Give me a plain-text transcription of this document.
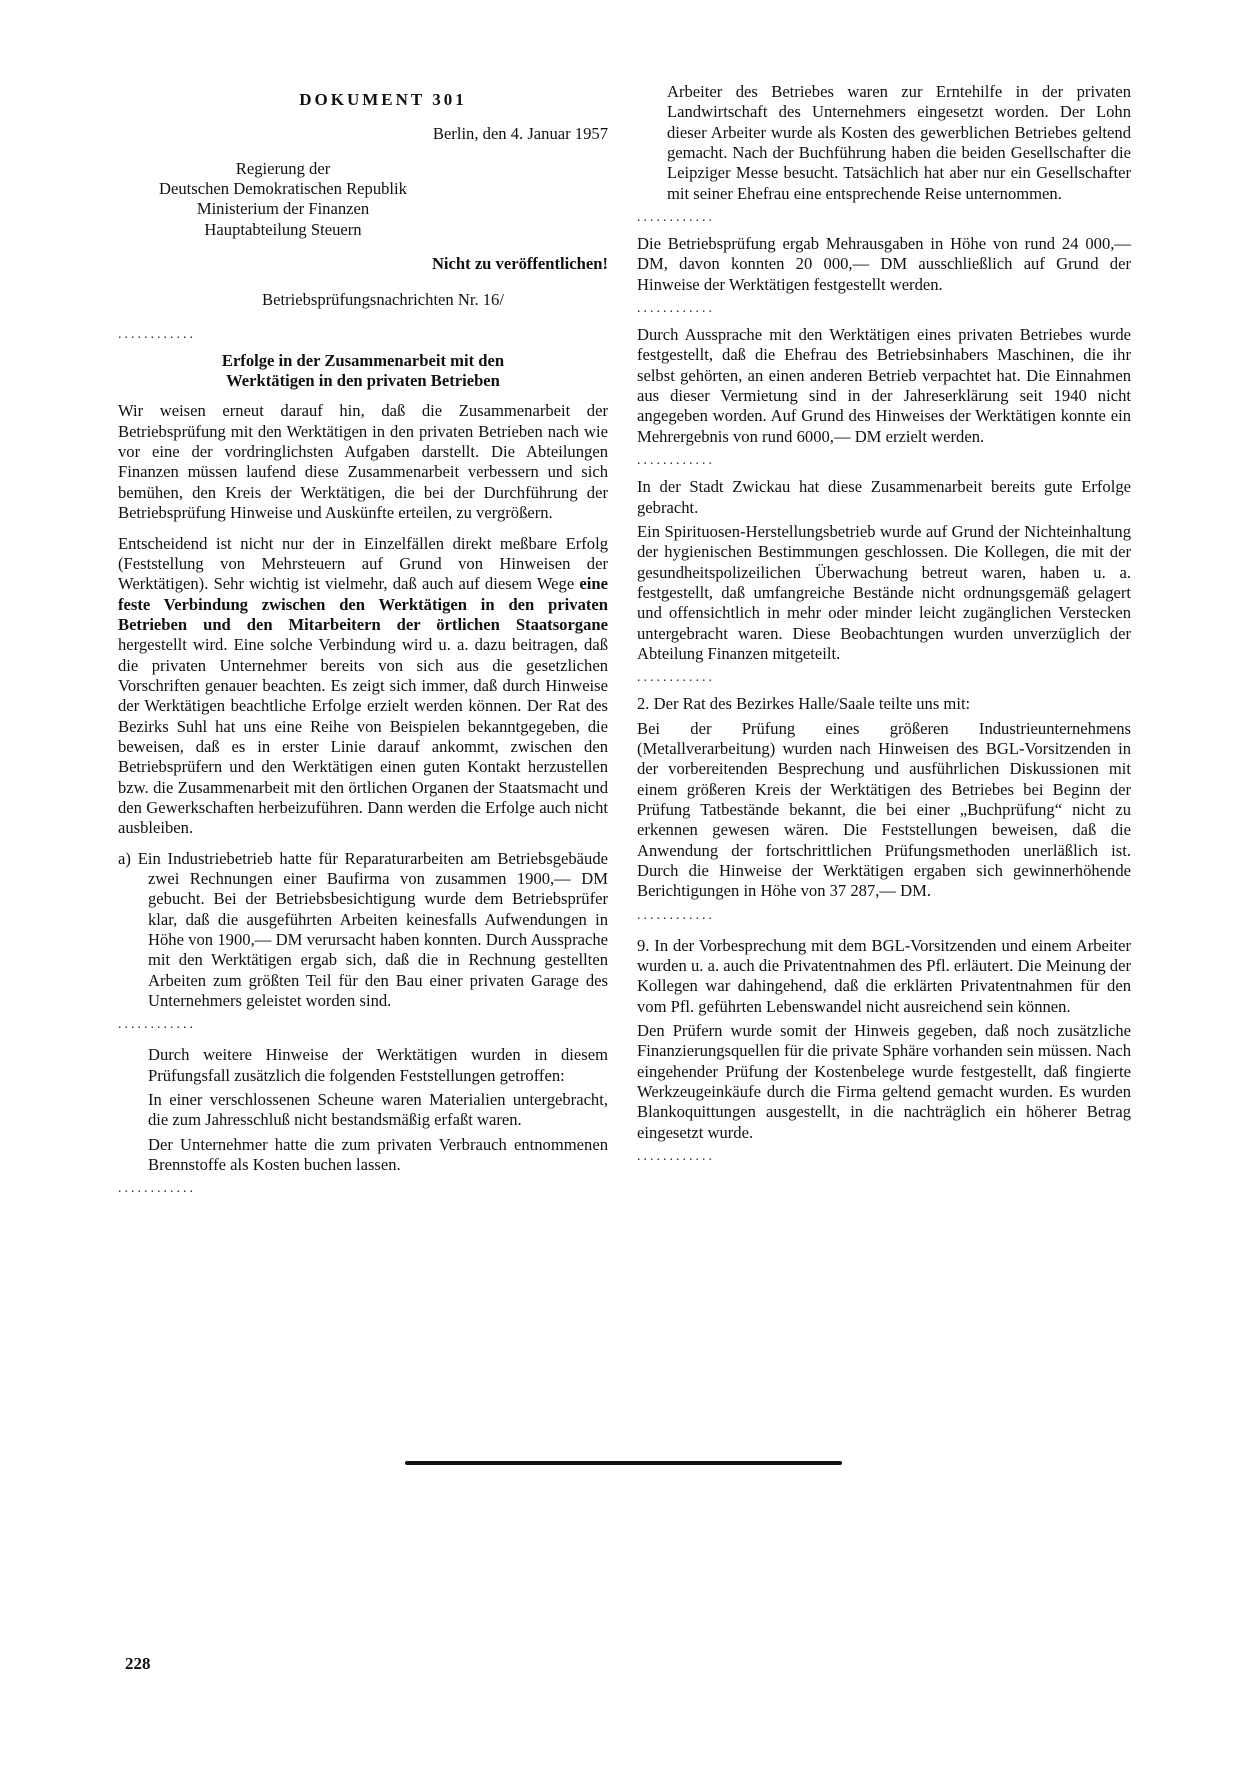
DOKUMENT 301
Berlin, den 4. Januar 1957
Regierung der
Deutschen Demokratischen Republik
Ministerium der Finanzen
Hauptabteilung Steuern
Nicht zu veröffentlichen!
Betriebsprüfungsnachrichten Nr. 16/
............
Erfolge in der Zusammenarbeit mit den
Werktätigen in den privaten Betrieben

Wir weisen erneut darauf hin, daß die Zusammenarbeit der Betriebsprüfung mit den Werktätigen in den privaten Betrieben nach wie vor eine der vordringlichsten Aufgaben darstellt. Die Abteilungen Finanzen müssen laufend diese Zusammenarbeit verbessern und sich bemühen, den Kreis der Werktätigen, die bei der Durchführung der Betriebsprüfung Hinweise und Auskünfte erteilen, zu vergrößern.

Entscheidend ist nicht nur der in Einzelfällen direkt meßbare Erfolg (Feststellung von Mehrsteuern auf Grund von Hinweisen der Werktätigen). Sehr wichtig ist vielmehr, daß auch auf diesem Wege eine feste Verbindung zwischen den Werktätigen in den privaten Betrieben und den Mitarbeitern der örtlichen Staatsorgane hergestellt wird. Eine solche Verbindung wird u. a. dazu beitragen, daß die privaten Unternehmer bereits von sich aus die gesetzlichen Vorschriften genauer beachten. Es zeigt sich immer, daß durch Hinweise der Werktätigen beachtliche Erfolge erzielt werden können. Der Rat des Bezirks Suhl hat uns eine Reihe von Beispielen bekanntgegeben, die beweisen, daß es in erster Linie darauf ankommt, zwischen den Betriebsprüfern und den Werktätigen einen guten Kontakt herzustellen bzw. die Zusammenarbeit mit den örtlichen Organen der Staatsmacht und den Gewerkschaften herbeizuführen. Dann werden die Erfolge auch nicht ausbleiben.

a) Ein Industriebetrieb hatte für Reparaturarbeiten am Betriebsgebäude zwei Rechnungen einer Baufirma von zusammen 1900,— DM gebucht. Bei der Betriebsbesichtigung wurde dem Betriebsprüfer klar, daß die ausgeführten Arbeiten keinesfalls Aufwendungen in Höhe von 1900,— DM verursacht haben konnten. Durch Aussprache mit den Werktätigen ergab sich, daß die in Rechnung gestellten Arbeiten zum größten Teil für den Bau einer privaten Garage des Unternehmers geleistet worden sind.

............

Durch weitere Hinweise der Werktätigen wurden in diesem Prüfungsfall zusätzlich die folgenden Feststellungen getroffen:

In einer verschlossenen Scheune waren Materialien untergebracht, die zum Jahresschluß nicht bestandsmäßig erfaßt waren.

Der Unternehmer hatte die zum privaten Verbrauch entnommenen Brennstoffe als Kosten buchen lassen.

............

Arbeiter des Betriebes waren zur Erntehilfe in der privaten Landwirtschaft des Unternehmers eingesetzt worden. Der Lohn dieser Arbeiter wurde als Kosten des gewerblichen Betriebes geltend gemacht. Nach der Buchführung haben die beiden Gesellschafter die Leipziger Messe besucht. Tatsächlich hat aber nur ein Gesellschafter mit seiner Ehefrau eine entsprechende Reise unternommen.

............

Die Betriebsprüfung ergab Mehrausgaben in Höhe von rund 24 000,— DM, davon konnten 20 000,— DM ausschließlich auf Grund der Hinweise der Werktätigen festgestellt werden.

............

Durch Aussprache mit den Werktätigen eines privaten Betriebes wurde festgestellt, daß die Ehefrau des Betriebsinhabers Maschinen, die ihr selbst gehörten, an einen anderen Betrieb verpachtet hat. Die Einnahmen aus dieser Vermietung sind in der Jahreserklärung seit 1940 nicht angegeben worden. Auf Grund des Hinweises der Werktätigen konnte ein Mehrergebnis von rund 6000,— DM erzielt werden.

............

In der Stadt Zwickau hat diese Zusammenarbeit bereits gute Erfolge gebracht.

Ein Spirituosen-Herstellungsbetrieb wurde auf Grund der Nichteinhaltung der hygienischen Bestimmungen geschlossen. Die Kollegen, die mit der gesundheitspolizeilichen Überwachung betreut waren, haben u. a. festgestellt, daß umfangreiche Bestände nicht ordnungsgemäß gelagert und offensichtlich in mehr oder minder leicht zugänglichen Verstecken untergebracht waren. Diese Beobachtungen wurden unverzüglich der Abteilung Finanzen mitgeteilt.

............

2. Der Rat des Bezirkes Halle/Saale teilte uns mit:

Bei der Prüfung eines größeren Industrieunternehmens (Metallverarbeitung) wurden nach Hinweisen des BGL-Vorsitzenden in der vorbereitenden Besprechung und ausführlichen Diskussionen mit einem größeren Kreis der Werktätigen des Betriebes bei Beginn der Prüfung Tatbestände bekannt, die bei einer „Buchprüfung“ nicht zu erkennen gewesen wären. Die Feststellungen beweisen, daß die Anwendung der fortschrittlichen Prüfungsmethoden unerläßlich ist. Durch die Hinweise der Werktätigen ergaben sich gewinnerhöhende Berichtigungen in Höhe von 37 287,— DM.

............

9. In der Vorbesprechung mit dem BGL-Vorsitzenden und einem Arbeiter wurden u. a. auch die Privatentnahmen des Pfl. erläutert. Die Meinung der Kollegen war dahingehend, daß die erklärten Privatentnahmen für den vom Pfl. geführten Lebenswandel nicht ausreichend sein können.

Den Prüfern wurde somit der Hinweis gegeben, daß noch zusätzliche Finanzierungsquellen für die private Sphäre vorhanden sein müssen. Nach eingehender Prüfung der Kostenbelege wurde festgestellt, daß fingierte Werkzeugeinkäufe durch die Firma geltend gemacht wurden. Es wurden Blankoquittungen ausgestellt, in die nachträglich ein höherer Betrag eingesetzt wurde.

............
228
